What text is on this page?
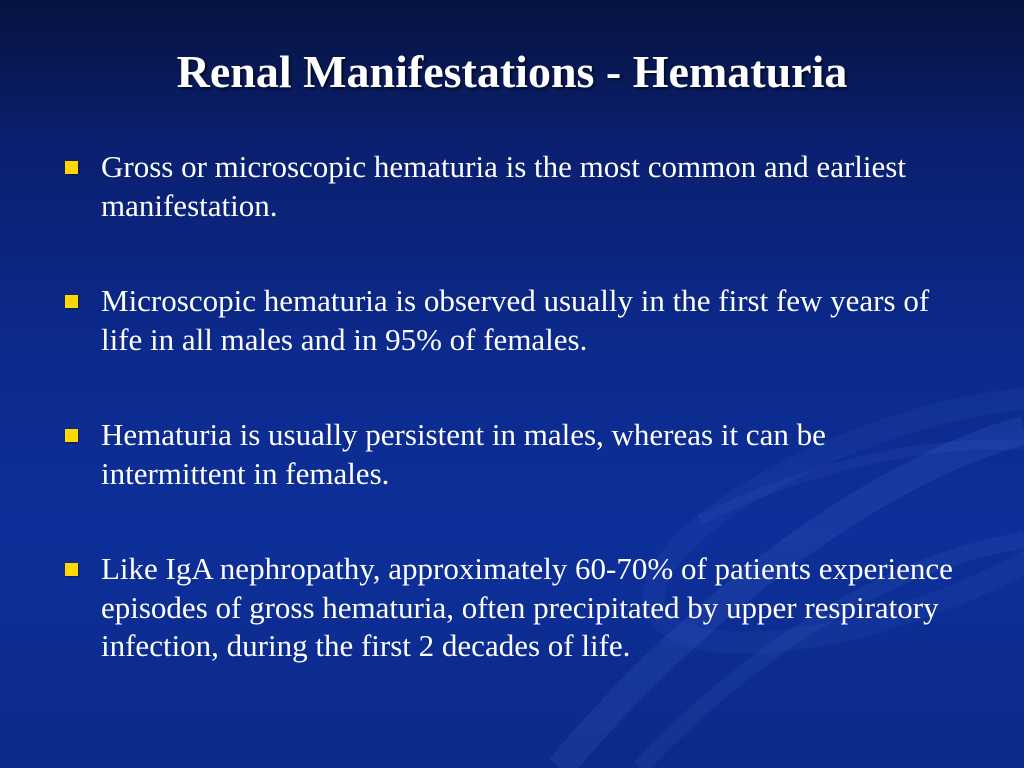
Renal Manifestations - Hematuria
Gross or microscopic hematuria is the most common and earliest manifestation.
Microscopic hematuria is observed usually in the first few years of life in all males and in 95% of females.
Hematuria is usually persistent in males, whereas it can be intermittent in females.
Like IgA nephropathy, approximately 60-70% of patients experience episodes of gross hematuria, often precipitated by upper respiratory infection, during the first 2 decades of life.
